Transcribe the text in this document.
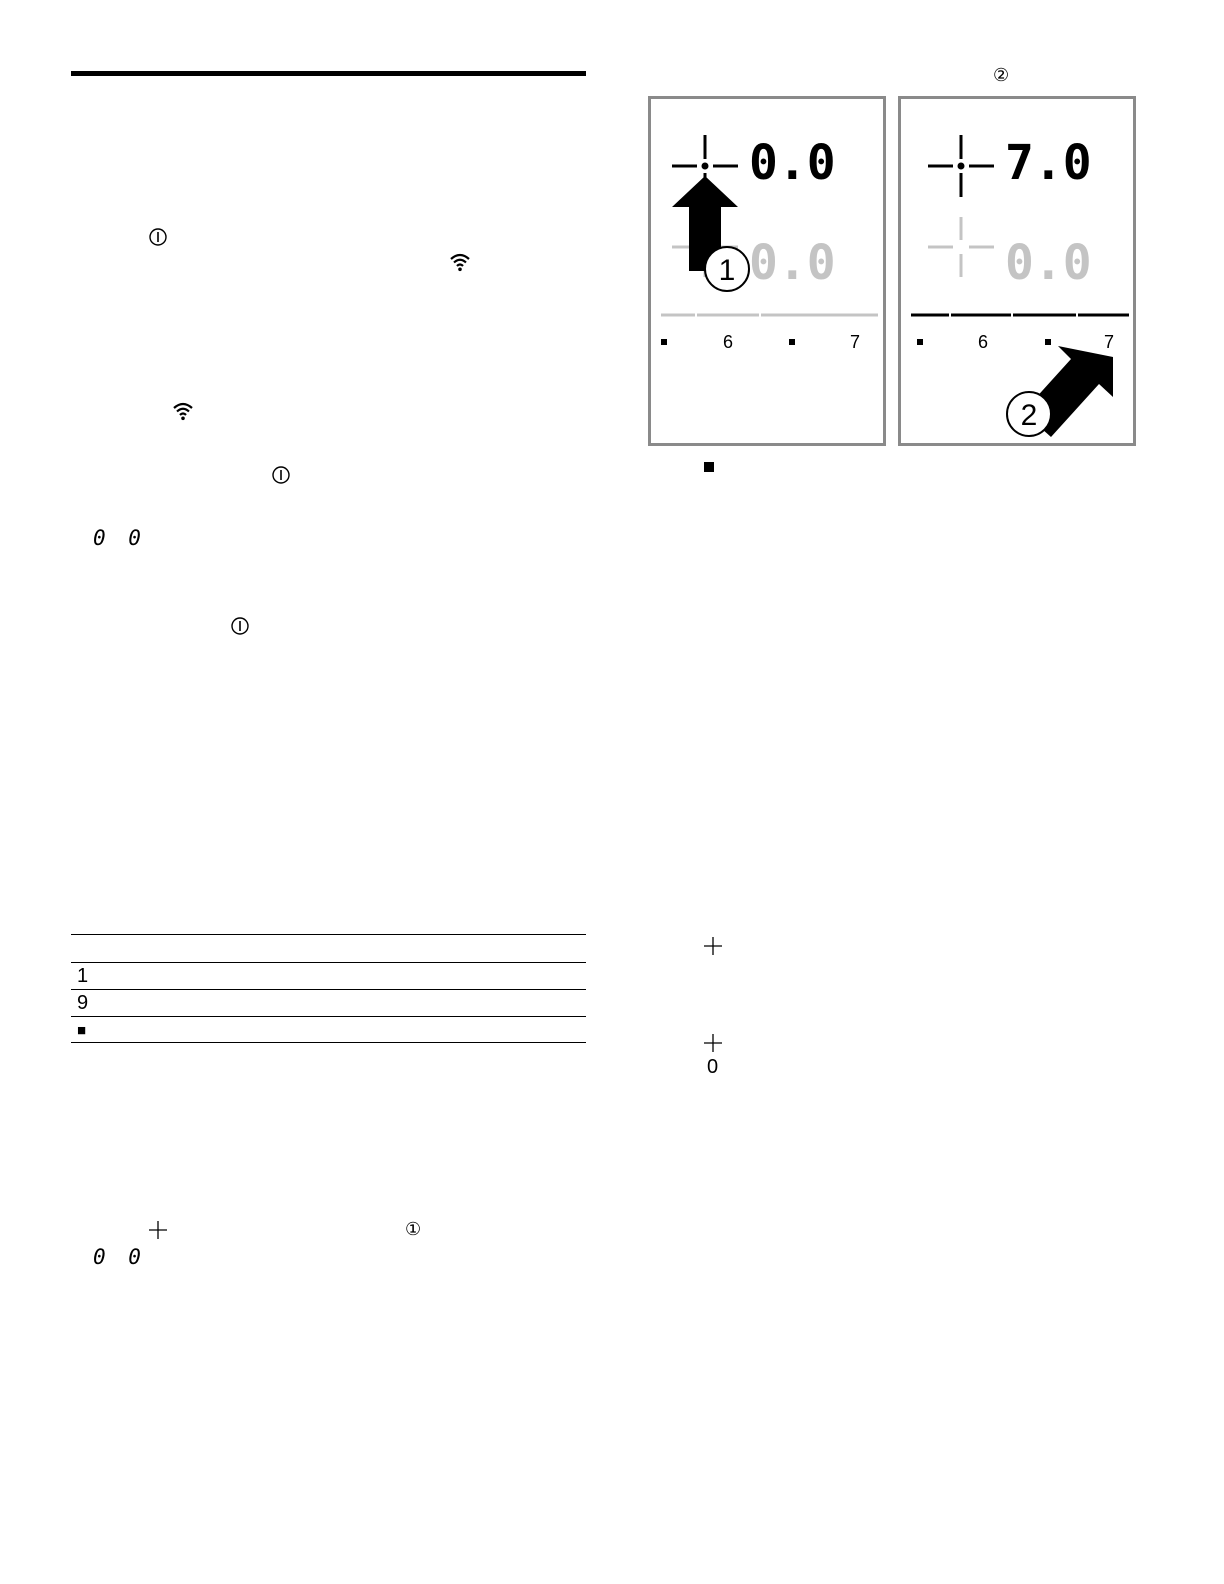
0 0
1
9
■
①
0 0
②
0.0
0.0
1
6	7
7.0
0.0
6	7
2
0
